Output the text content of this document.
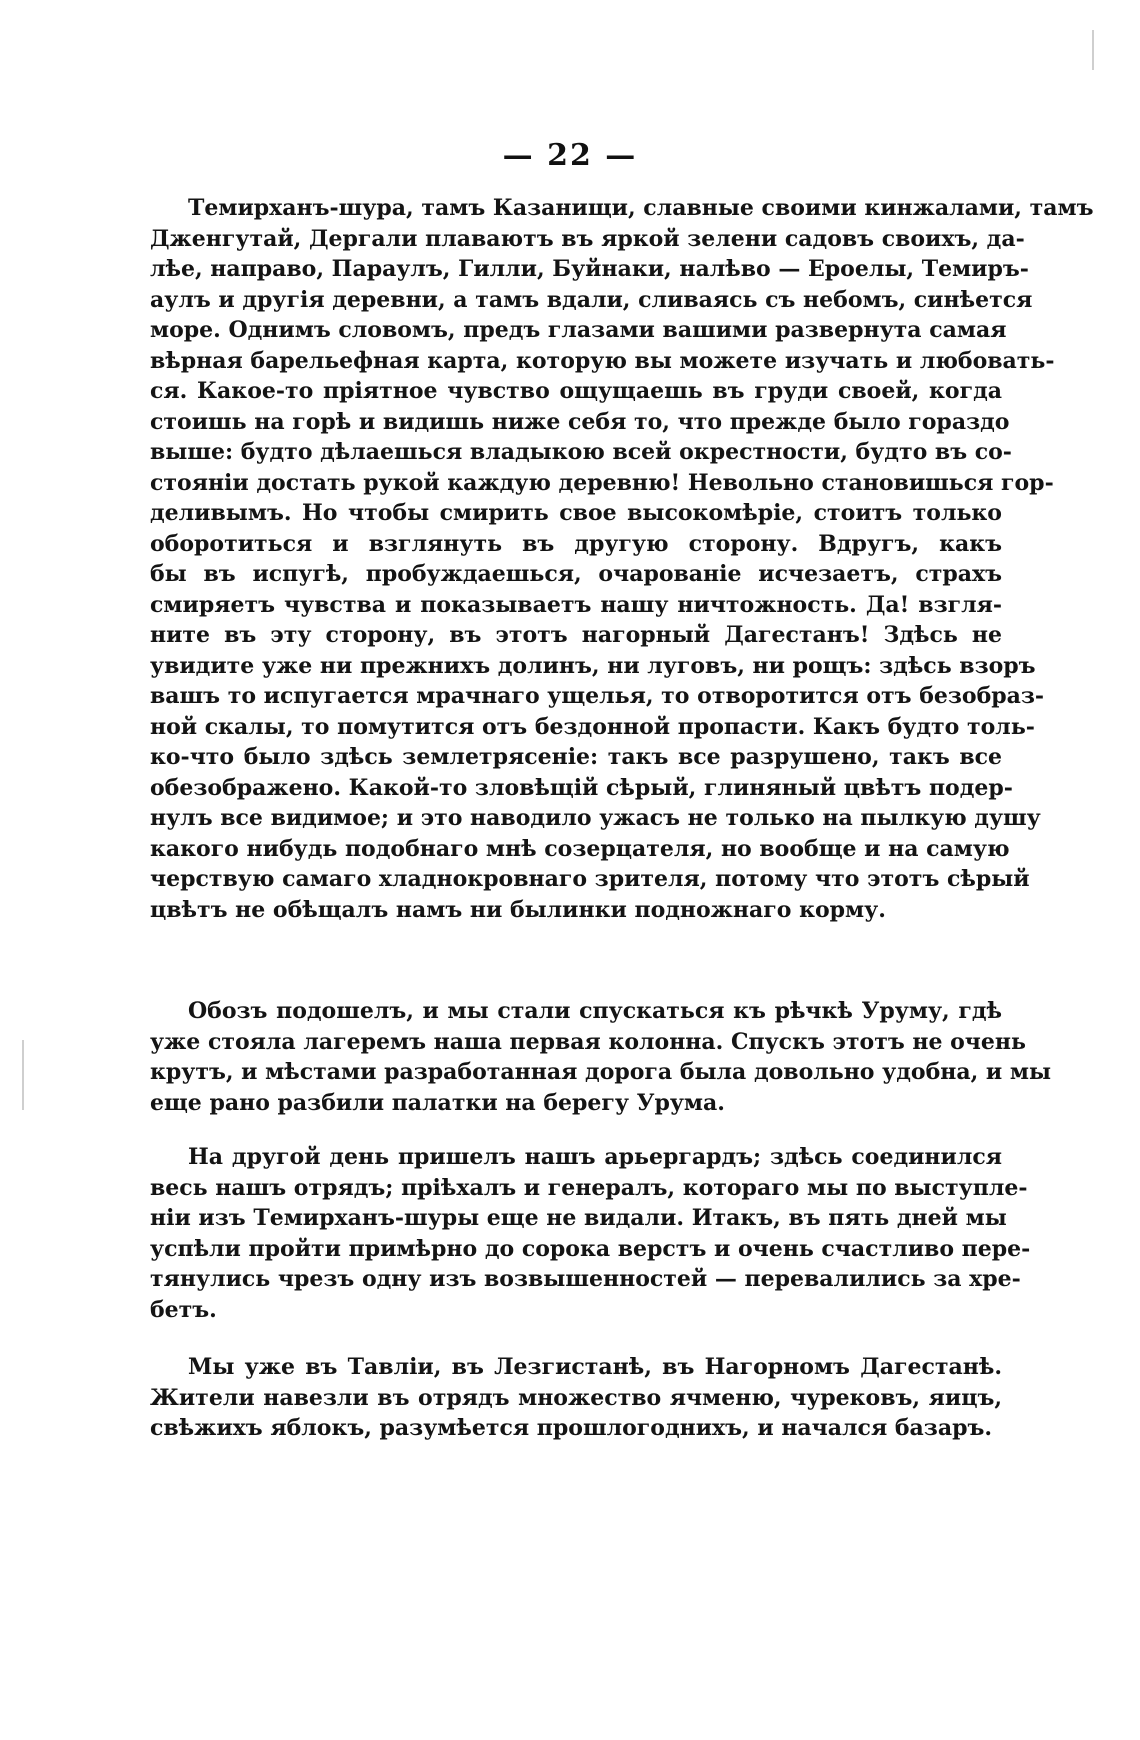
— 22 —
Темирханъ-шура, тамъ Казанищи, славные своими кинжалами, тамъ
Дженгутай, Дергали плаваютъ въ яркой зелени садовъ своихъ, да-
лѣе, направо, Параулъ, Гилли, Буйнаки, налѣво — Ероелы, Темиръ-
аулъ и другія деревни, а тамъ вдали, сливаясь съ небомъ, синѣется
море. Однимъ словомъ, предъ глазами вашими развернута самая
вѣрная барельефная карта, которую вы можете изучать и любовать-
ся. Какое-то пріятное чувство ощущаешь въ груди своей, когда
стоишь на горѣ и видишь ниже себя то, что прежде было гораздо
выше: будто дѣлаешься владыкою всей окрестности, будто въ со-
стояніи достать рукой каждую деревню! Невольно становишься гор-
деливымъ. Но чтобы смирить свое высокомѣріе, стоитъ только
оборотиться и взглянуть въ другую сторону. Вдругъ, какъ
бы въ испугѣ, пробуждаешься, очарованіе исчезаетъ, страхъ
смиряетъ чувства и показываетъ нашу ничтожность. Да! взгля-
ните въ эту сторону, въ этотъ нагорный Дагестанъ! Здѣсь не
увидите уже ни прежнихъ долинъ, ни луговъ, ни рощъ: здѣсь взоръ
вашъ то испугается мрачнаго ущелья, то отворотится отъ безобраз-
ной скалы, то помутится отъ бездонной пропасти. Какъ будто толь-
ко-что было здѣсь землетрясеніе: такъ все разрушено, такъ все
обезображено. Какой-то зловѣщій сѣрый, глиняный цвѣтъ подер-
нулъ все видимое; и это наводило ужасъ не только на пылкую душу
какого нибудь подобнаго мнѣ созерцателя, но вообще и на самую
черствую самаго хладнокровнаго зрителя, потому что этотъ сѣрый
цвѣтъ не обѣщалъ намъ ни былинки подножнаго корму.
Обозъ подошелъ, и мы стали спускаться къ рѣчкѣ Уруму, гдѣ
уже стояла лагеремъ наша первая колонна. Спускъ этотъ не очень
крутъ, и мѣстами разработанная дорога была довольно удобна, и мы
еще рано разбили палатки на берегу Урума.
На другой день пришелъ нашъ арьергардъ; здѣсь соединился
весь нашъ отрядъ; пріѣхалъ и генералъ, котораго мы по выступле-
ніи изъ Темирханъ-шуры еще не видали. Итакъ, въ пять дней мы
успѣли пройти примѣрно до сорока верстъ и очень счастливо пере-
тянулись чрезъ одну изъ возвышенностей — перевалились за хре-
бетъ.
Мы уже въ Тавліи, въ Лезгистанѣ, въ Нагорномъ Дагестанѣ.
Жители навезли въ отрядъ множество ячменю, чурековъ, яицъ,
свѣжихъ яблокъ, разумѣется прошлогоднихъ, и начался базаръ.
